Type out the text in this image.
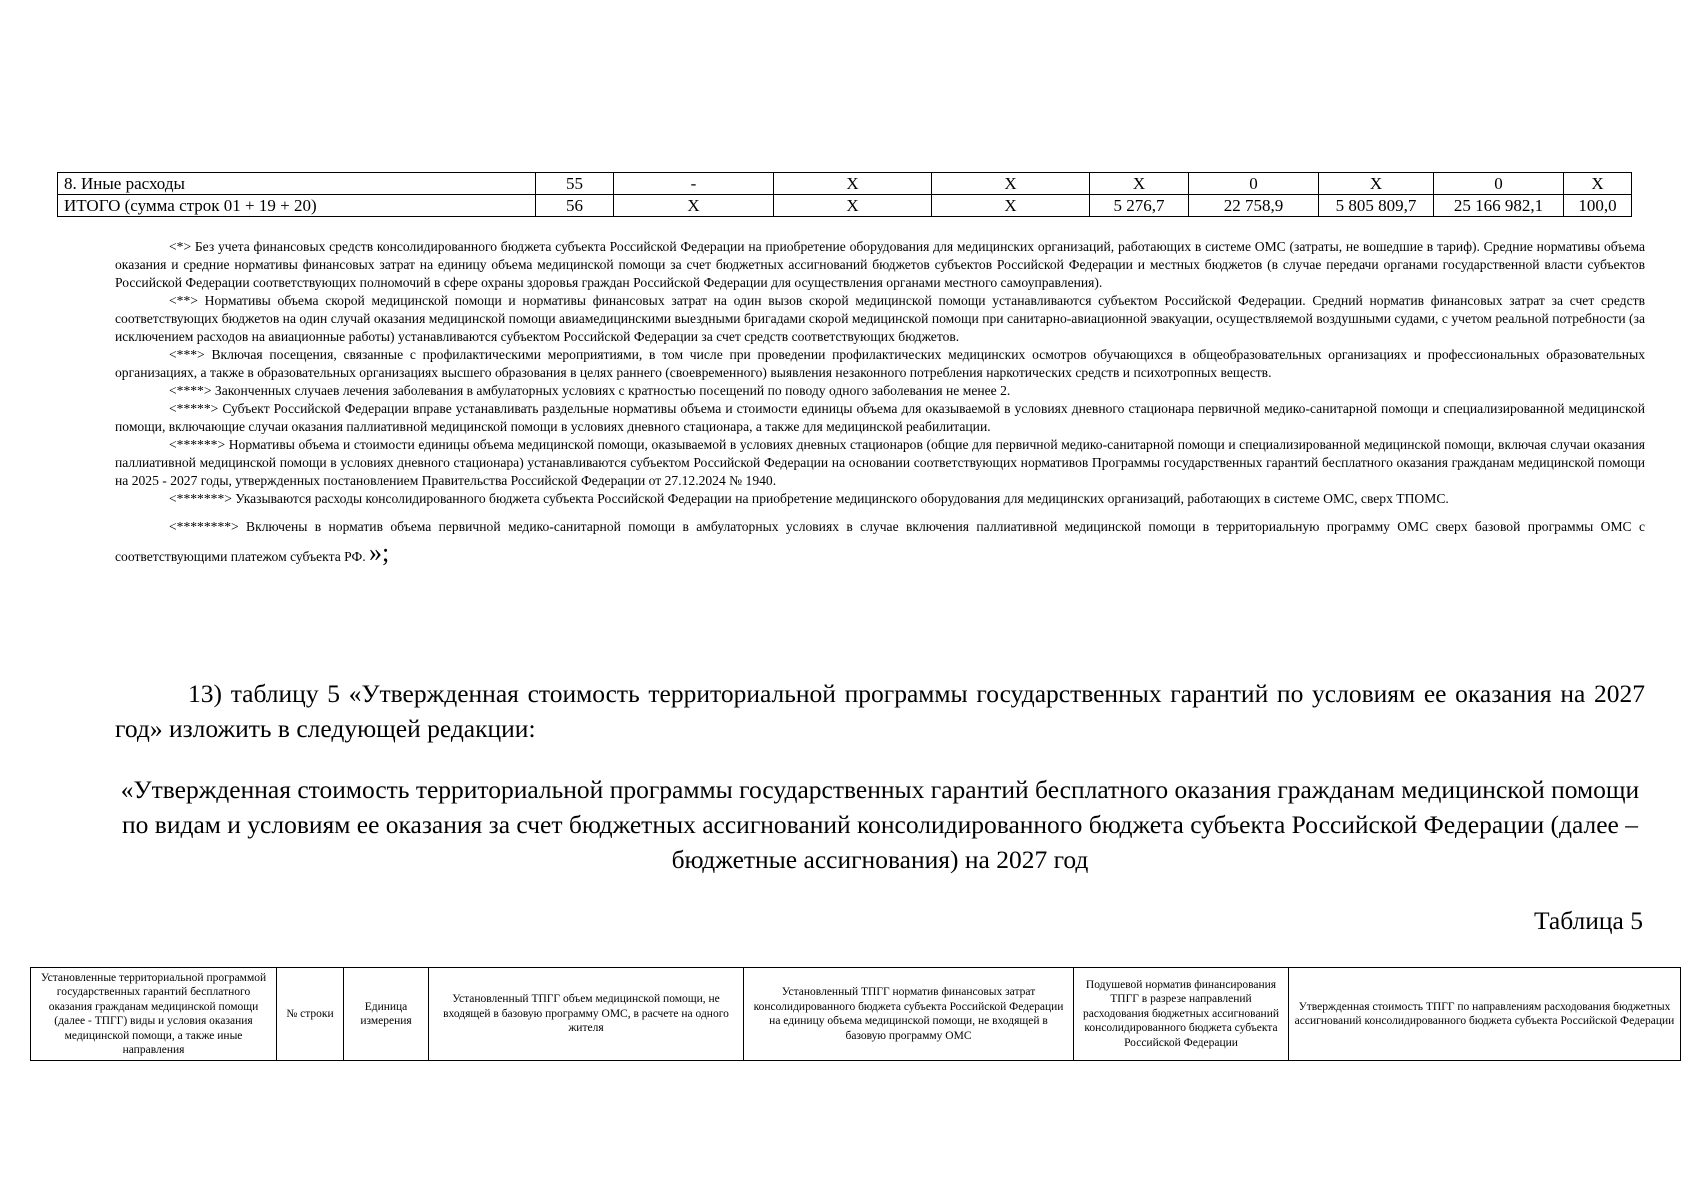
8. Иные расходы	55	-	X	X	X	0	X	0	X
ИТОГО (сумма строк 01 + 19 + 20)	56	X	X	X	5 276,7	22 758,9	5 805 809,7	25 166 982,1	100,0

<*> Без учета финансовых средств консолидированного бюджета субъекта Российской Федерации на приобретение оборудования для медицинских организаций, работающих в системе ОМС (затраты, не вошедшие в тариф). Средние нормативы объема оказания и средние нормативы финансовых затрат на единицу объема медицинской помощи за счет бюджетных ассигнований бюджетов субъектов Российской Федерации и местных бюджетов (в случае передачи органами государственной власти субъектов Российской Федерации соответствующих полномочий в сфере охраны здоровья граждан Российской Федерации для осуществления органами местного самоуправления).

<**> Нормативы объема скорой медицинской помощи и нормативы финансовых затрат на один вызов скорой медицинской помощи устанавливаются субъектом Российской Федерации. Средний норматив финансовых затрат за счет средств соответствующих бюджетов на один случай оказания медицинской помощи авиамедицинскими выездными бригадами скорой медицинской помощи при санитарно-авиационной эвакуации, осуществляемой воздушными судами, с учетом реальной потребности (за исключением расходов на авиационные работы) устанавливаются субъектом Российской Федерации за счет средств соответствующих бюджетов.

<***> Включая посещения, связанные с профилактическими мероприятиями, в том числе при проведении профилактических медицинских осмотров обучающихся в общеобразовательных организациях и профессиональных образовательных организациях, а также в образовательных организациях высшего образования в целях раннего (своевременного) выявления незаконного потребления наркотических средств и психотропных веществ.

<****> Законченных случаев лечения заболевания в амбулаторных условиях с кратностью посещений по поводу одного заболевания не менее 2.

<*****> Субъект Российской Федерации вправе устанавливать раздельные нормативы объема и стоимости единицы объема для оказываемой в условиях дневного стационара первичной медико-санитарной помощи и специализированной медицинской помощи, включающие случаи оказания паллиативной медицинской помощи в условиях дневного стационара, а также для медицинской реабилитации.

<******> Нормативы объема и стоимости единицы объема медицинской помощи, оказываемой в условиях дневных стационаров (общие для первичной медико-санитарной помощи и специализированной медицинской помощи, включая случаи оказания паллиативной медицинской помощи в условиях дневного стационара) устанавливаются субъектом Российской Федерации на основании соответствующих нормативов Программы государственных гарантий бесплатного оказания гражданам медицинской помощи на 2025 - 2027 годы, утвержденных постановлением Правительства Российской Федерации от 27.12.2024 № 1940.

<*******> Указываются расходы консолидированного бюджета субъекта Российской Федерации на приобретение медицинского оборудования для медицинских организаций, работающих в системе ОМС, сверх ТПОМС.

<********> Включены в норматив объема первичной медико-санитарной помощи в амбулаторных условиях в случае включения паллиативной медицинской помощи в территориальную программу ОМС сверх базовой программы ОМС с соответствующими платежом субъекта РФ. »;

13) таблицу 5 «Утвержденная стоимость территориальной программы государственных гарантий по условиям ее оказания на 2027 год» изложить в следующей редакции:
«Утвержденная стоимость территориальной программы государственных гарантий бесплатного оказания гражданам медицинской помощи по видам и условиям ее оказания за счет бюджетных ассигнований консолидированного бюджета субъекта Российской Федерации (далее – бюджетные ассигнования) на 2027 год
Таблица 5
Установленные территориальной программой государственных гарантий бесплатного оказания гражданам медицинской помощи (далее - ТПГГ) виды и условия оказания медицинской помощи, а также иные направления	№ строки	Единица измерения	Установленный ТПГГ объем медицинской помощи, не входящей в базовую программу ОМС, в расчете на одного жителя	Установленный ТПГГ норматив финансовых затрат консолидированного бюджета субъекта Российской Федерации на единицу объема медицинской помощи, не входящей в базовую программу ОМС	Подушевой норматив финансирования ТПГГ в разрезе направлений расходования бюджетных ассигнований консолидированного бюджета субъекта Российской Федерации	Утвержденная стоимость ТПГГ по направлениям расходования бюджетных ассигнований консолидированного бюджета субъекта Российской Федерации
